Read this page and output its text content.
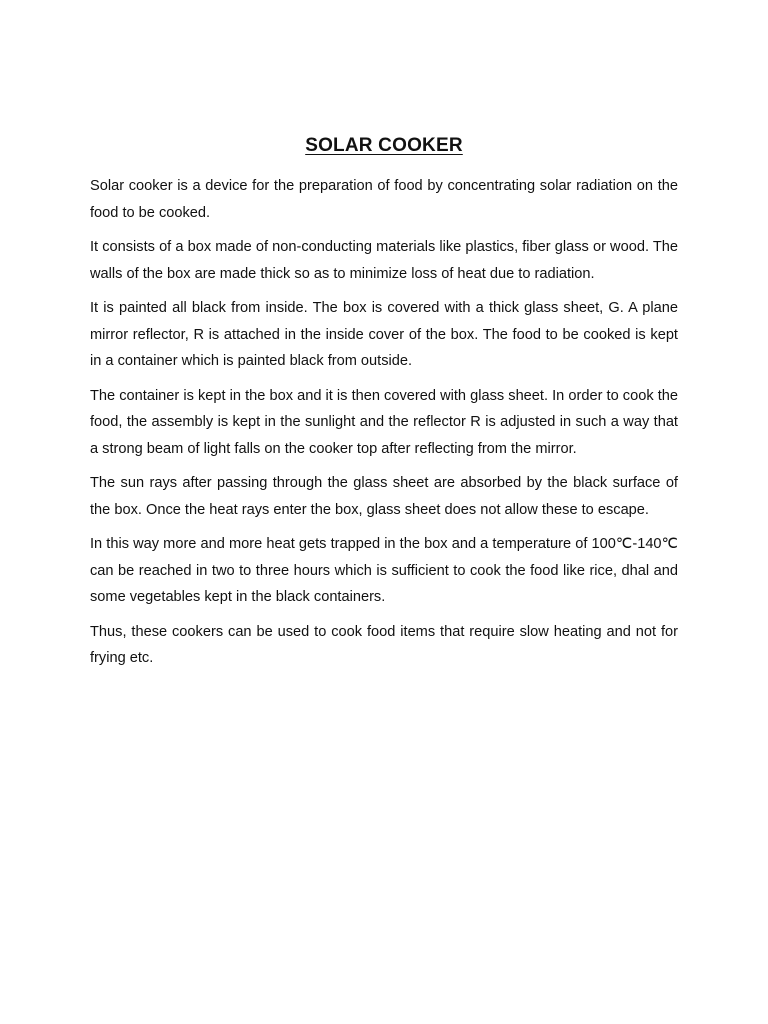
SOLAR COOKER

Solar cooker is a device for the preparation of food by concentrating solar radiation on the food to be cooked.

It consists of a box made of non-conducting materials like plastics, fiber glass or wood. The walls of the box are made thick so as to minimize loss of heat due to radiation.

It is painted all black from inside. The box is covered with a thick glass sheet, G. A plane mirror reflector, R is attached in the inside cover of the box. The food to be cooked is kept in a container which is painted black from outside.

The container is kept in the box and it is then covered with glass sheet. In order to cook the food, the assembly is kept in the sunlight and the reflector R is adjusted in such a way that a strong beam of light falls on the cooker top after reflecting from the mirror.

The sun rays after passing through the glass sheet are absorbed by the black surface of the box. Once the heat rays enter the box, glass sheet does not allow these to escape.

In this way more and more heat gets trapped in the box and a temperature of 100℃-140℃ can be reached in two to three hours which is sufficient to cook the food like rice, dhal and some vegetables kept in the black containers.

Thus, these cookers can be used to cook food items that require slow heating and not for frying etc.
